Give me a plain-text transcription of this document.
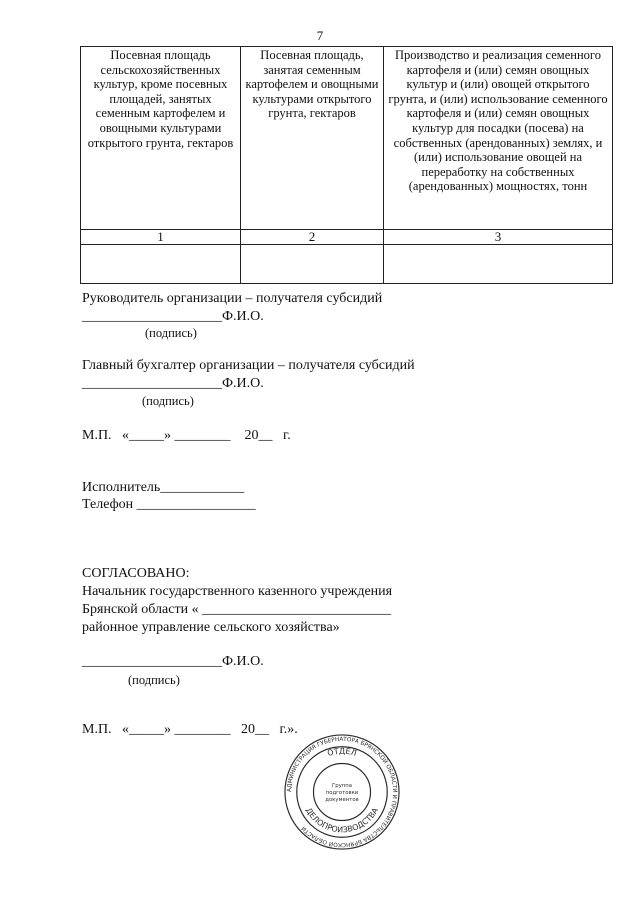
7
Посевная площадь сельскохозяйственных культур, кроме посевных площадей, занятых семенным картофелем и овощными культурами открытого грунта, гектаров	Посевная площадь, занятая семенным картофелем и овощными культурами открытого грунта, гектаров	Производство и реализация семенного картофеля и (или) семян овощных культур и (или) овощей открытого грунта, и (или) использование семенного картофеля и (или) семян овощных культур для посадки (посева) на собственных (арендованных) землях, и (или) использование овощей на переработку на собственных (арендованных) мощностях, тонн
1	2	3

Руководитель организации – получателя субсидий
____________________Ф.И.О.
(подпись)
Главный бухгалтер организации – получателя субсидий
____________________Ф.И.О.
(подпись)
М.П.   «_____» ________    20__   г.
Исполнитель____________
Телефон _________________
СОГЛАСОВАНО:
Начальник государственного казенного учреждения
Брянской области « ___________________________
районное управление сельского хозяйства»
____________________Ф.И.О.
(подпись)
М.П.   «_____» ________   20__   г.».
АДМИНИСТРАЦИЯ ГУБЕРНАТОРА БРЯНСКОЙ ОБЛАСТИ И ПРАВИТЕЛЬСТВА БРЯНСКОЙ ОБЛАСТИ
ОТДЕЛ
ДЕЛОПРОИЗВОДСТВА
Группа
подготовки
документов
